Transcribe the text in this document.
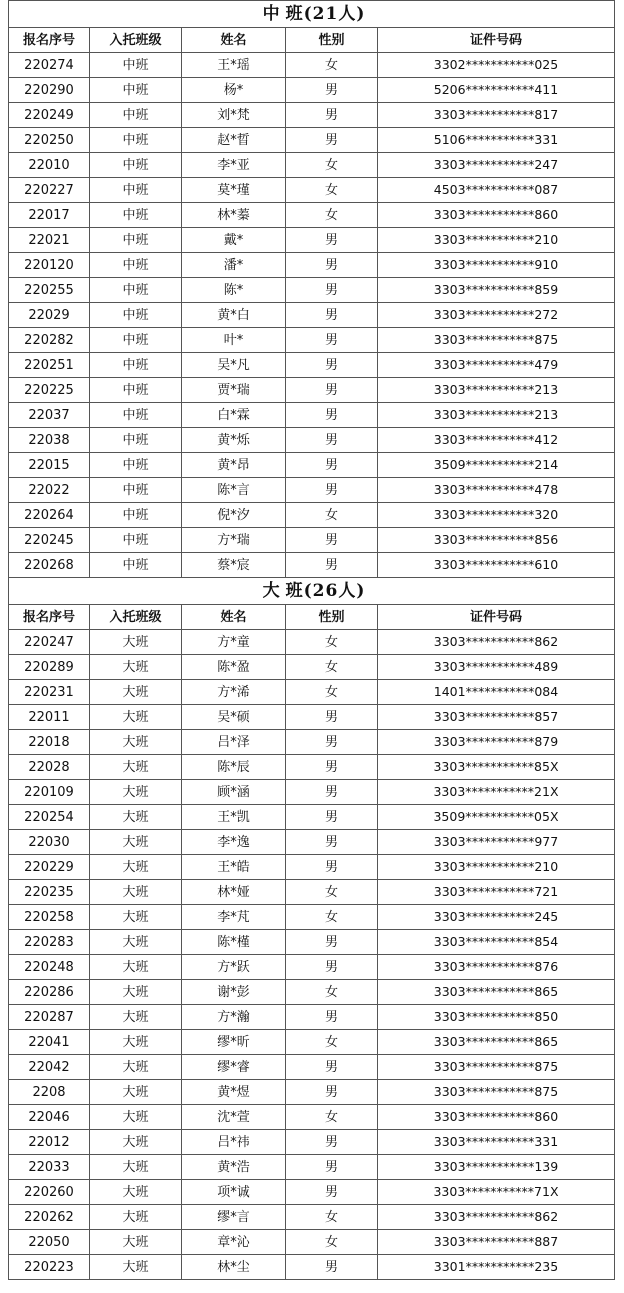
中 班(21人)				
报名序号	入托班级	姓名	性别	证件号码
220274	中班	王*瑶	女	3302***********025
220290	中班	杨*	男	5206***********411
220249	中班	刘*梵	男	3303***********817
220250	中班	赵*晢	男	5106***********331
22010	中班	李*亚	女	3303***********247
220227	中班	莫*瑾	女	4503***********087
22017	中班	林*蓁	女	3303***********860
22021	中班	戴*	男	3303***********210
220120	中班	潘*	男	3303***********910
220255	中班	陈*	男	3303***********859
22029	中班	黄*白	男	3303***********272
220282	中班	叶*	男	3303***********875
220251	中班	吴*凡	男	3303***********479
220225	中班	贾*瑞	男	3303***********213
22037	中班	白*霖	男	3303***********213
22038	中班	黄*烁	男	3303***********412
22015	中班	黄*昂	男	3509***********214
22022	中班	陈*言	男	3303***********478
220264	中班	倪*汐	女	3303***********320
220245	中班	方*瑞	男	3303***********856
220268	中班	蔡*宸	男	3303***********610
大 班(26人)				
报名序号	入托班级	姓名	性别	证件号码
220247	大班	方*童	女	3303***********862
220289	大班	陈*盈	女	3303***********489
220231	大班	方*浠	女	1401***********084
22011	大班	吴*硕	男	3303***********857
22018	大班	吕*泽	男	3303***********879
22028	大班	陈*辰	男	3303***********85X
220109	大班	顾*涵	男	3303***********21X
220254	大班	王*凯	男	3509***********05X
22030	大班	李*逸	男	3303***********977
220229	大班	王*皓	男	3303***********210
220235	大班	林*娅	女	3303***********721
220258	大班	李*芃	女	3303***********245
220283	大班	陈*槿	男	3303***********854
220248	大班	方*跃	男	3303***********876
220286	大班	谢*彭	女	3303***********865
220287	大班	方*瀚	男	3303***********850
22041	大班	缪*昕	女	3303***********865
22042	大班	缪*睿	男	3303***********875
2208	大班	黄*煜	男	3303***********875
22046	大班	沈*萱	女	3303***********860
22012	大班	吕*祎	男	3303***********331
22033	大班	黄*浩	男	3303***********139
220260	大班	项*诚	男	3303***********71X
220262	大班	缪*言	女	3303***********862
22050	大班	章*沁	女	3303***********887
220223	大班	林*尘	男	3301***********235
